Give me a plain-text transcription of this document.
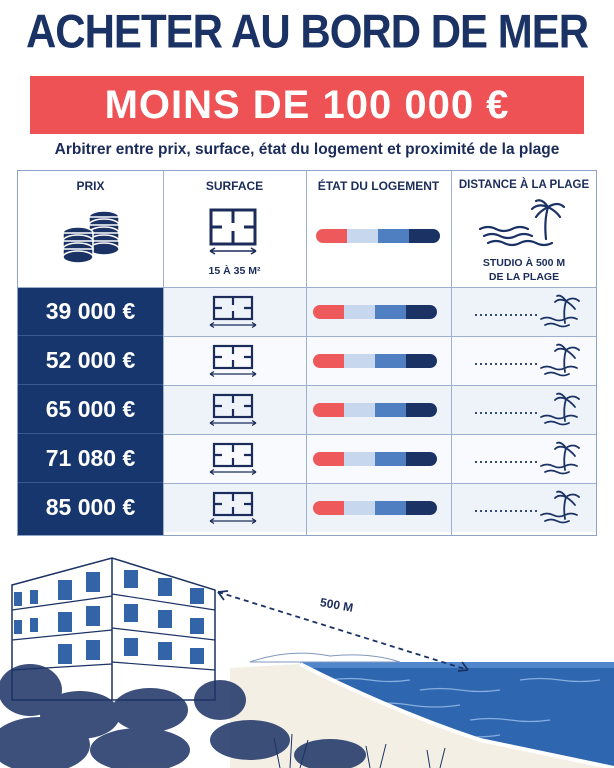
ACHETER AU BORD DE MER
MOINS DE 100 000 €
Arbitrer entre prix, surface, état du logement et proximité de la plage
39 000 €
52 000 €
65 000 €
71 080 €
85 000 €
PRIX	SURFACE	ÉTAT DU LOGEMENT	DISTANCE À LA PLAGE
15 À 35 M²
STUDIO À 500 M
DE LA PLAGE
500 M
